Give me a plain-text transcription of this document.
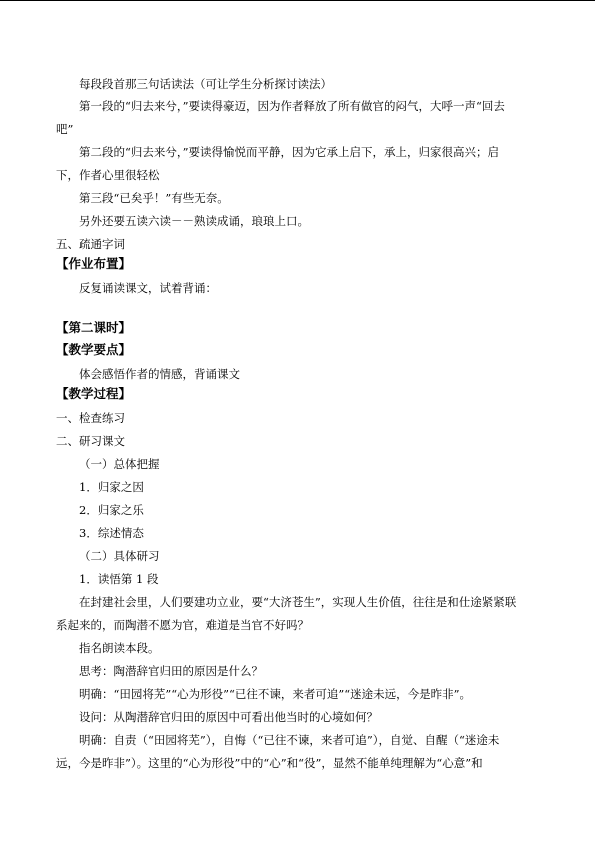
每段段首那三句话读法（可让学生分析探讨读法）
第一段的“归去来兮，”要读得豪迈，因为作者释放了所有做官的闷气，大呼一声“回去
吧”
第二段的“归去来兮，”要读得愉悦而平静，因为它承上启下，承上，归家很高兴；启
下，作者心里很轻松
第三段“已矣乎！”有些无奈。
另外还要五读六读－－熟读成诵，琅琅上口。
五、疏通字词
【作业布置】
反复诵读课文，试着背诵：
【第二课时】
【教学要点】
体会感悟作者的情感，背诵课文
【教学过程】
一、检查练习
二、研习课文
（一）总体把握
1．归家之因
2．归家之乐
3．综述情态
（二）具体研习
1．读悟第 1 段
在封建社会里，人们要建功立业，要“大济苍生”，实现人生价值，往往是和仕途紧紧联
系起来的，而陶潜不愿为官，难道是当官不好吗？
指名朗读本段。
思考：陶潜辞官归田的原因是什么？
明确：“田园将芜”“心为形役”“已往不谏，来者可追”“迷途未远，今是昨非”。
设问：从陶潜辞官归田的原因中可看出他当时的心境如何？
明确：自责（“田园将芜”），自悔（“已往不谏，来者可追”），自觉、自醒（“迷途未
远，今是昨非”）。这里的“心为形役”中的“心”和“役”，显然不能单纯理解为“心意”和
